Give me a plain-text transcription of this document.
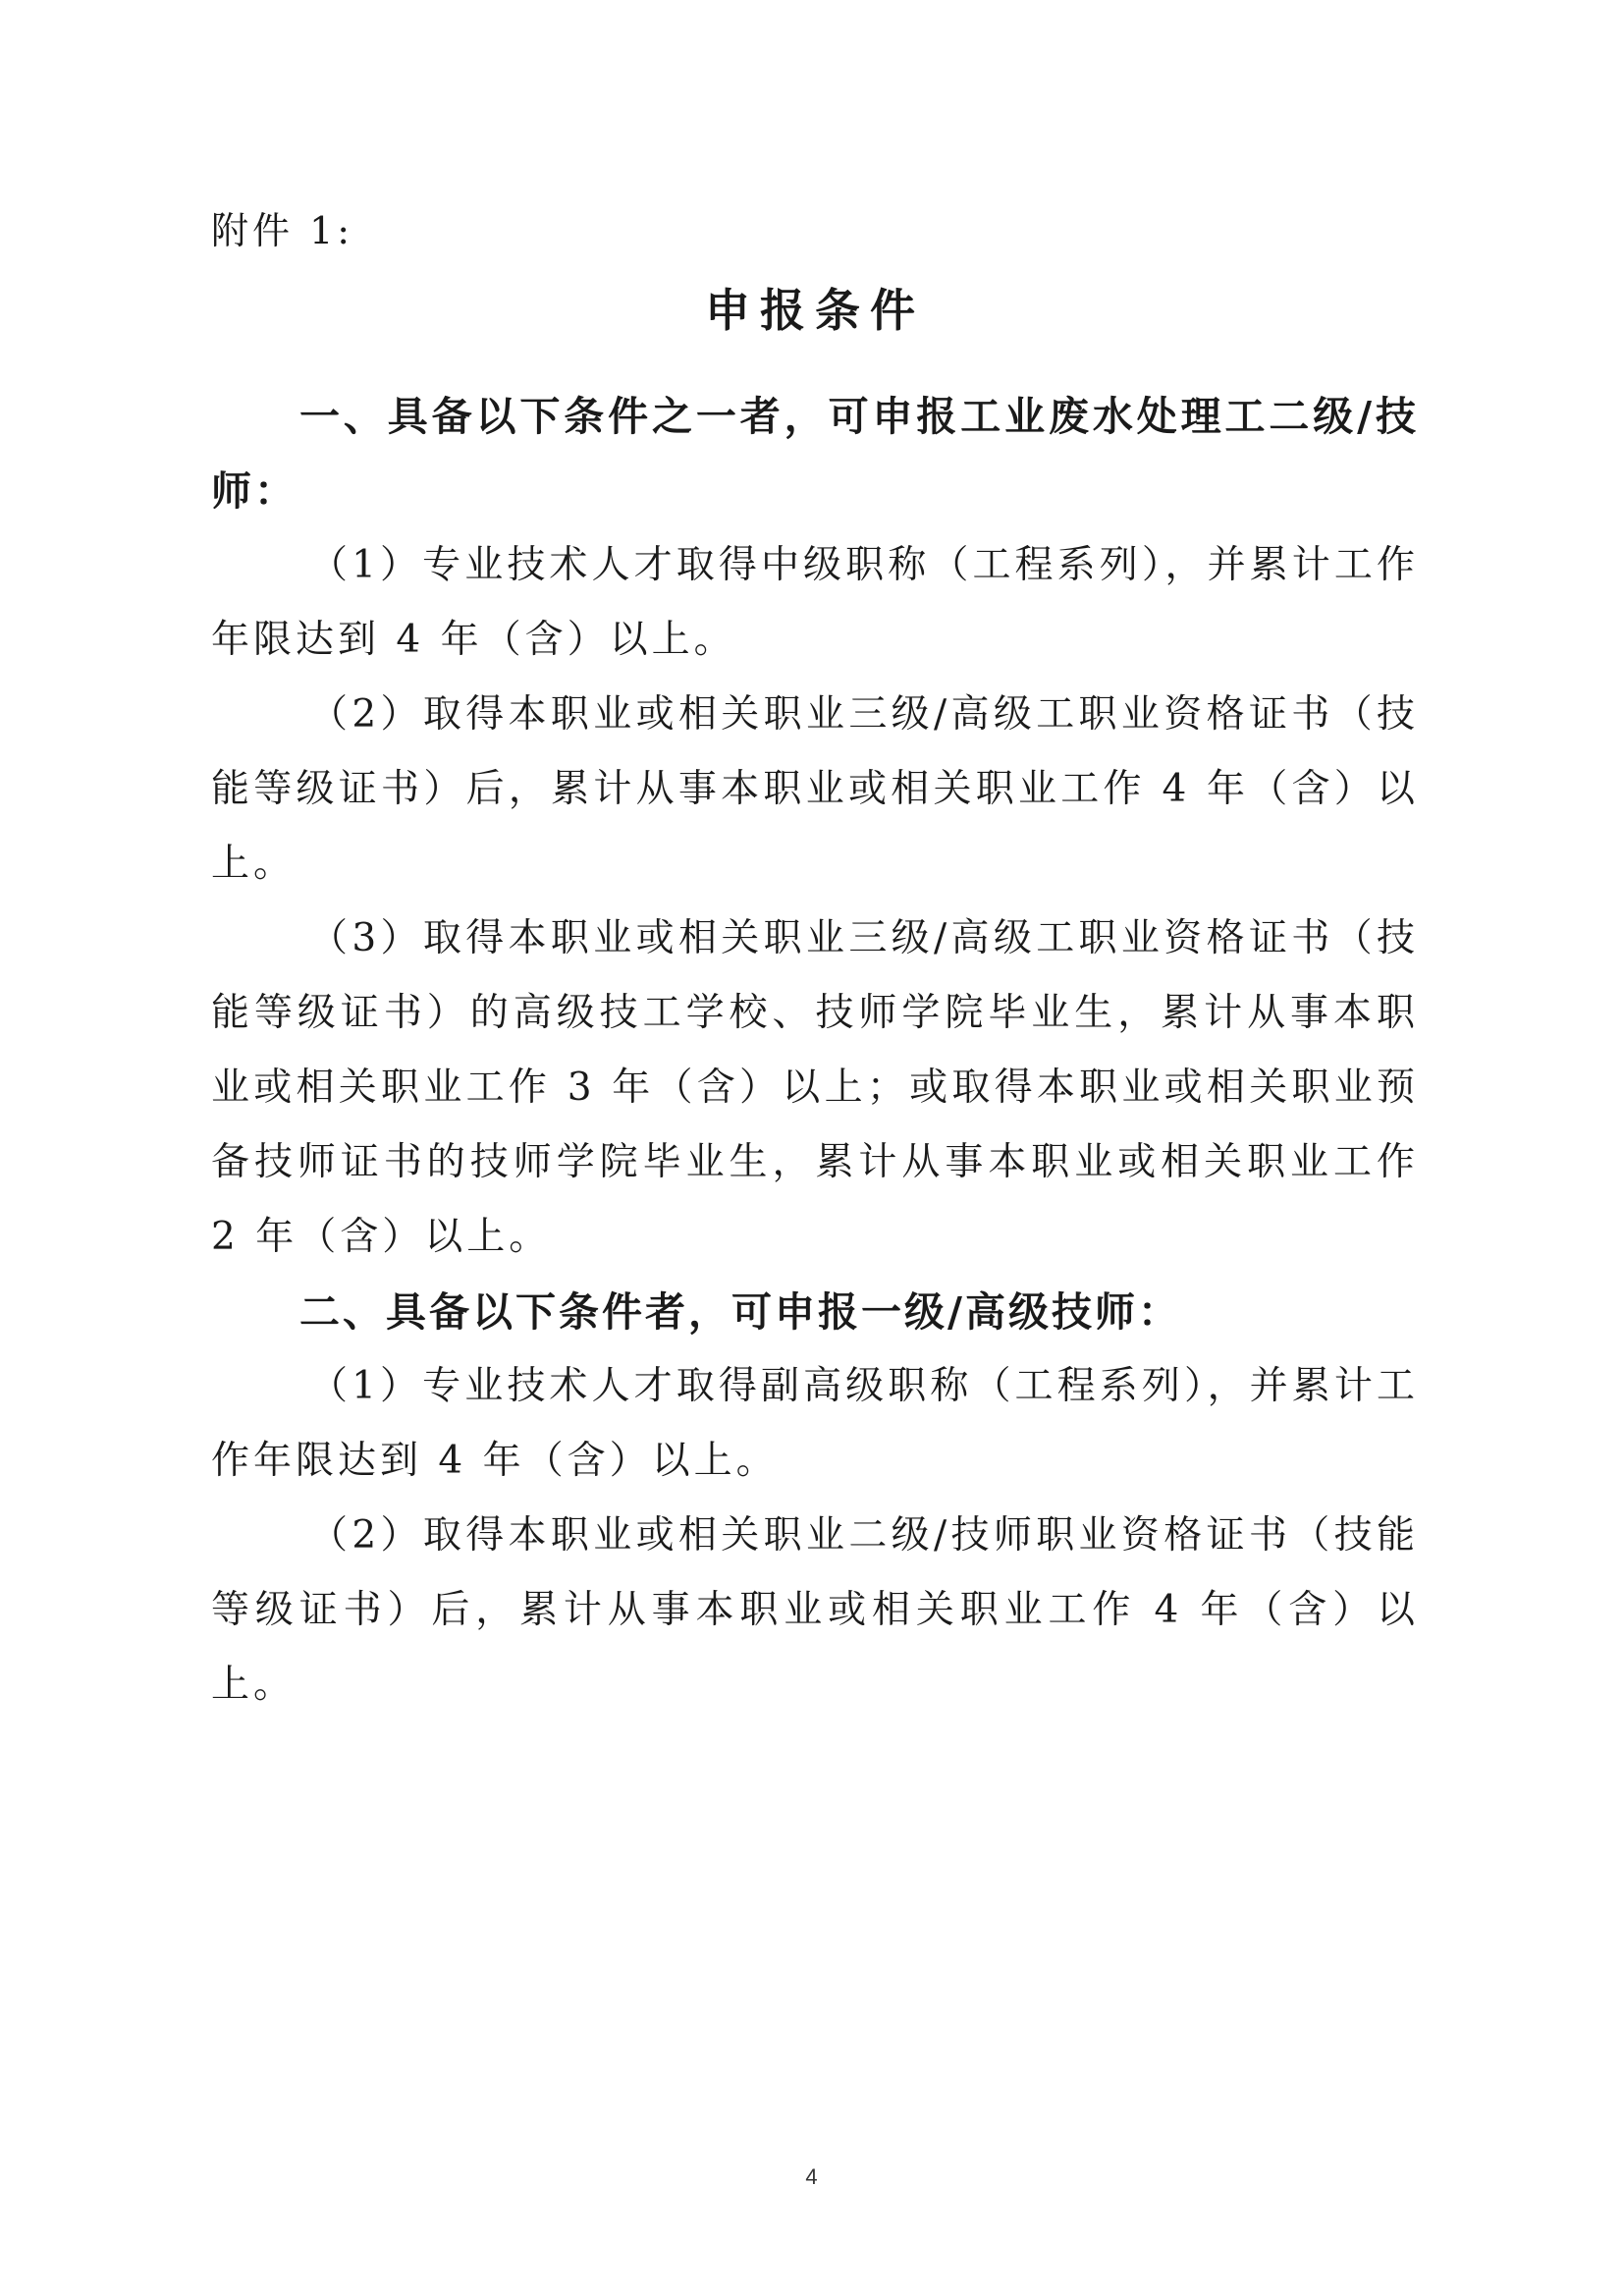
附件 1:

申报条件

一、具备以下条件之一者，可申报工业废水处理工二级/技师：

（1）专业技术人才取得中级职称（工程系列），并累计工作年限达到 4 年（含）以上。

（2）取得本职业或相关职业三级/高级工职业资格证书（技能等级证书）后，累计从事本职业或相关职业工作 4 年（含）以上。

（3）取得本职业或相关职业三级/高级工职业资格证书（技能等级证书）的高级技工学校、技师学院毕业生，累计从事本职业或相关职业工作 3 年（含）以上；或取得本职业或相关职业预备技师证书的技师学院毕业生，累计从事本职业或相关职业工作 2 年（含）以上。

二、具备以下条件者，可申报一级/高级技师：

（1）专业技术人才取得副高级职称（工程系列），并累计工作年限达到 4 年（含）以上。

（2）取得本职业或相关职业二级/技师职业资格证书（技能等级证书）后，累计从事本职业或相关职业工作 4 年（含）以上。

4
